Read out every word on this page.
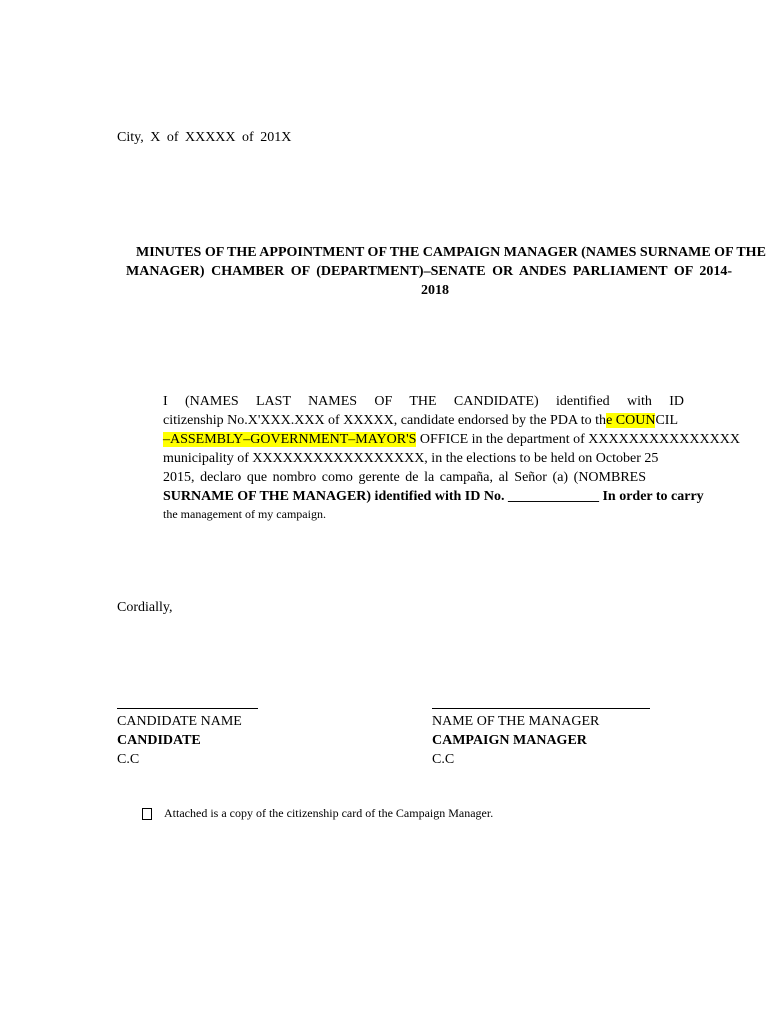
City, X of XXXXX of 201X
MINUTES OF THE APPOINTMENT OF THE CAMPAIGN MANAGER (NAMES SURNAME OF THE
MANAGER) CHAMBER OF (DEPARTMENT)–SENATE OR ANDES PARLIAMENT OF 2014-
2018
I (NAMES LAST NAMES OF THE CANDIDATE) identified with ID
citizenship No.X'XXX.XXX of XXXXX, candidate endorsed by the PDA to the COUNCIL
–ASSEMBLY–GOVERNMENT–MAYOR'S OFFICE in the department of XXXXXXXXXXXXXXX
municipality of XXXXXXXXXXXXXXXXX, in the elections to be held on October 25
2015, declaro que nombro como gerente de la campaña, al Señor (a) (NOMBRES
SURNAME OF THE MANAGER) identified with ID No. _____________ In order to carry
the management of my campaign.
Cordially,
CANDIDATE NAME
CANDIDATE
C.C
NAME OF THE MANAGER
CAMPAIGN MANAGER
C.C
Attached is a copy of the citizenship card of the Campaign Manager.
